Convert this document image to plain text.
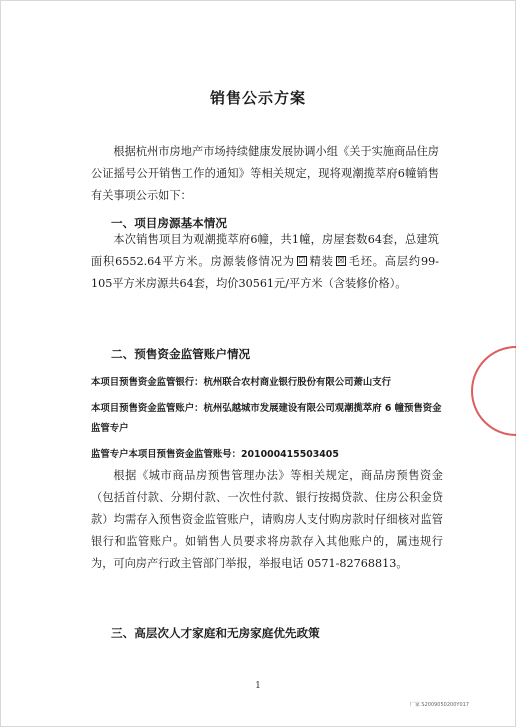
销售公示方案
根据杭州市房地产市场持续健康发展协调小组《关于实施商品住房公证摇号公开销售工作的通知》等相关规定，现将观潮揽萃府6幢销售有关事项公示如下：
一、项目房源基本情况
本次销售项目为观潮揽萃府6幢，共1幢，房屋套数64套，总建筑面积6552.64平方米。房源装修情况为 ☑ 精装 ☒ 毛坯。高层约99-105平方米房源共64套，均价30561元/平方米（含装修价格）。
二、预售资金监管账户情况
本项目预售资金监管银行：杭州联合农村商业银行股份有限公司萧山支行
本项目预售资金监管账户：杭州弘越城市发展建设有限公司观潮揽萃府 6 幢预售资金监管专户
监管专户本项目预售资金监管账号：201000415503405
根据《城市商品房预售管理办法》等相关规定，商品房预售资金（包括首付款、分期付款、一次性付款、银行按揭贷款、住房公积金贷款）均需存入预售资金监管账户，请购房人支付购房款时仔细核对监管银行和监管账户。如销售人员要求将房款存入其他账户的，属违规行为，可向房产行政主管部门举报，举报电话 0571-82768813。
三、高层次人才家庭和无房家庭优先政策
1
厂家 S2009050200Y017
